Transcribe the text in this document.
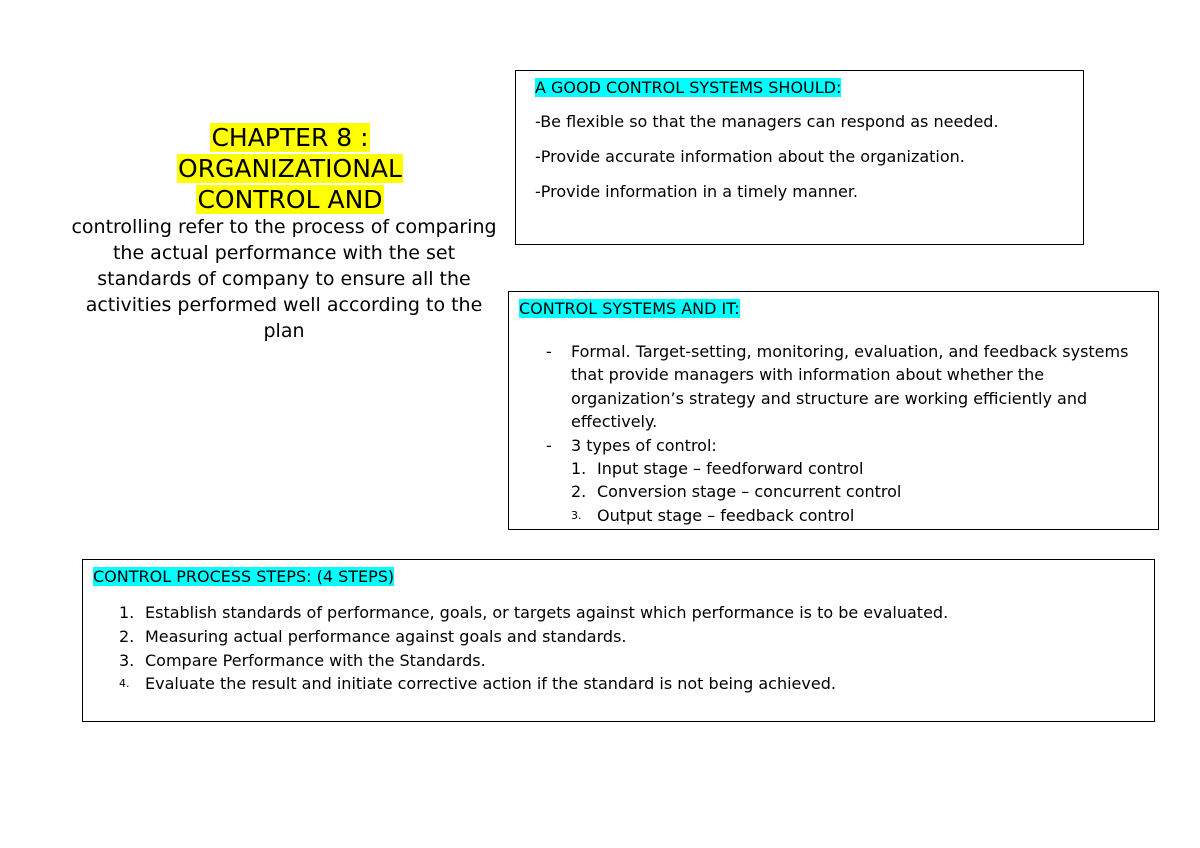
CHAPTER 8 :
ORGANIZATIONAL
CONTROL AND
controlling refer to the process of comparing the actual performance with the set standards of company to ensure all the activities performed well according to the plan

A GOOD CONTROL SYSTEMS SHOULD:

-Be flexible so that the managers can respond as needed.

-Provide accurate information about the organization.

-Provide information in a timely manner.

CONTROL SYSTEMS AND IT:
- Formal. Target-setting, monitoring, evaluation, and feedback systems that provide managers with information about whether the organization’s strategy and structure are working efficiently and effectively.
- 3 types of control:
1. Input stage – feedforward control
2. Conversion stage – concurrent control
3. Output stage – feedback control
CONTROL PROCESS STEPS: (4 STEPS)
1. Establish standards of performance, goals, or targets against which performance is to be evaluated.
2. Measuring actual performance against goals and standards.
3. Compare Performance with the Standards.
4. Evaluate the result and initiate corrective action if the standard is not being achieved.
